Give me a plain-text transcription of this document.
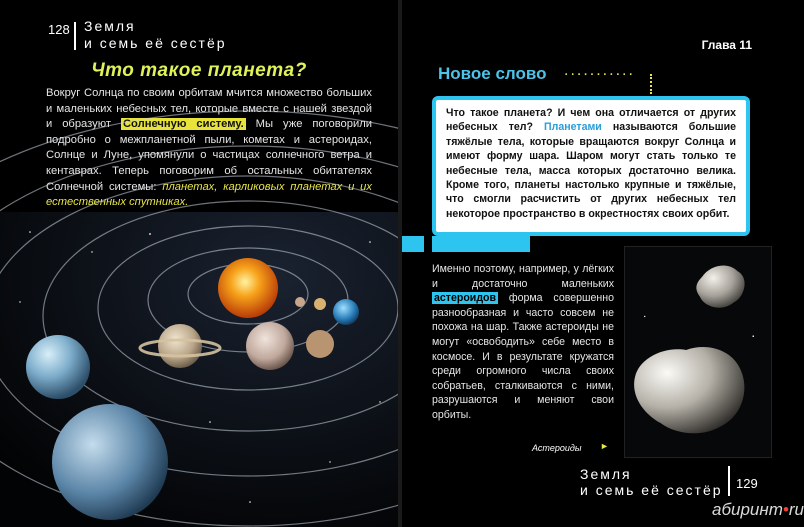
128 Земля
и семь её сестёр
Что такое планета?

Вокруг Солнца по своим орбитам мчится множество больших и маленьких небесных тел, которые вместе с нашей звездой и образуют Солнечную систему. Мы уже поговорили подробно о межпланетной пыли, кометах и астероидах, Солнце и Луне, упомянули о частицах солнечного ветра и кентаврах. Теперь поговорим об остальных обитателях Солнечной системы: планетах, карликовых планетах и их естественных спутниках.

Глава 11
Новое слово ...........
Что такое планета? И чем она отличается от других небесных тел? Планетами называются большие тяжёлые тела, которые вращаются вокруг Солнца и имеют форму шара. Шаром могут стать только те небесные тела, масса которых достаточно велика. Кроме того, планеты настолько крупные и тяжёлые, что смогли расчистить от других небесных тел некоторое пространство в окрестностях своих орбит.

Именно поэтому, например, у лёгких и достаточно маленьких астероидов форма совершенно разнообразная и часто совсем не похожа на шар. Также астероиды не могут «освободить» себе место в космосе. И в результате кружатся среди огромного числа своих собратьев, сталкиваются с ними, разрушаются и меняют свои орбиты.

Астероиды ►
Земля
и семь её сестёр 129
абиринт•ru
